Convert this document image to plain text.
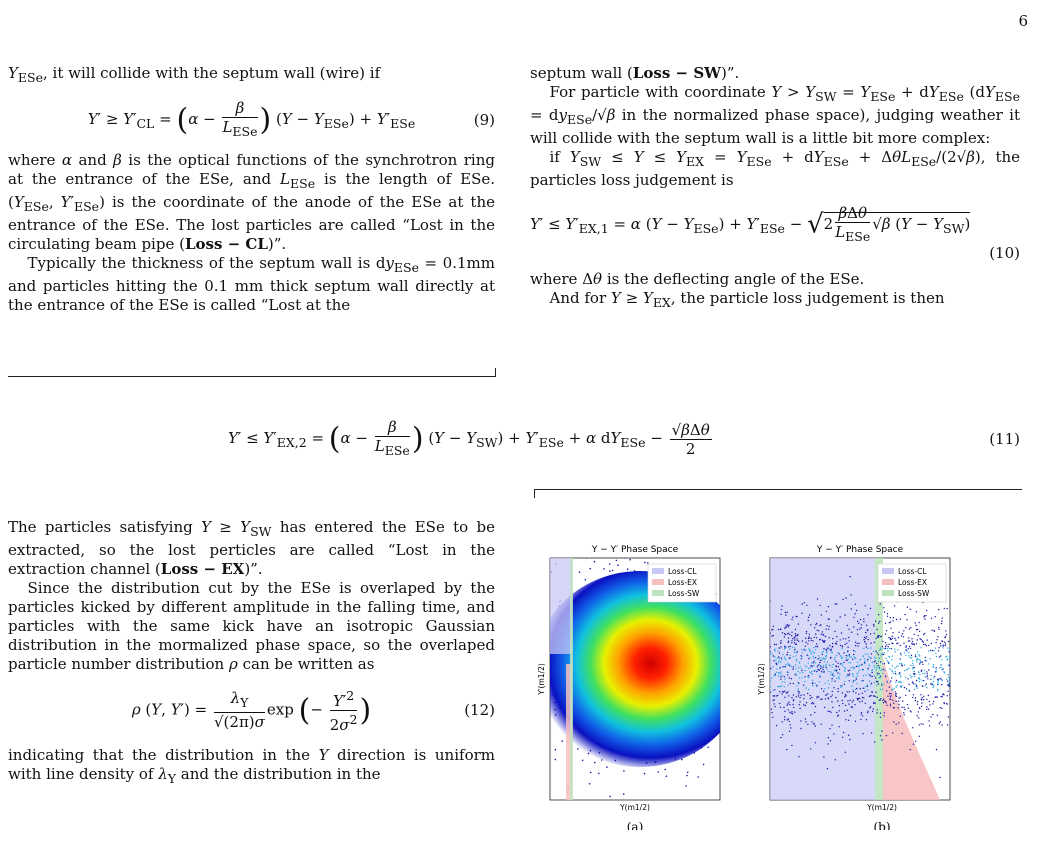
6

$Y_{ESe}$, it will collide with the septum wall (wire) if

$Y' \ge Y'_{CL} = (\alpha - \frac{\beta}{L_{ESe}}$ ) $(Y - Y_{ESe}) + Y'_{ESe}$	(9)

where α and β is the optical functions of the synchrotron ring at the entrance of the ESe, and $L_{ESe}$ is the length of ESe. ($Y_{ESe}$, $Y'_{ESe}$) is the coordinate of the anode of the ESe at the entrance of the ESe. The lost particles are called “Lost in the circulating beam pipe (Loss − CL)”.

Typically the thickness of the septum wall is $dy_{ESe} = 0.1mm$ and particles hitting the 0.1 mm thick septum wall directly at the entrance of the ESe is called “Lost at the

septum wall (Loss − SW)”.

For particle with coordinate $Y > Y_{SW} = Y_{ESe} + dY_{ESe}$ ($dY_{ESe} = dy_{ESe}/√\beta$ in the normalized phase space), judging weather it will collide with the septum wall is a little bit more complex:

if $Y_{SW} \le Y \le Y_{EX} = Y_{ESe} + dY_{ESe} + \Delta\theta L_{ESe}/(2√\beta)$, the particles loss judgement is

$Y' \le Y'_{EX,1} = \alpha$ $(Y - Y_{ESe}) + Y'_{ESe} - √2 \frac{\text{βΔθ}}{L_{ESe}} √\beta$ $(Y - Y_{SW})$
(10)

where Δθ is the deflecting angle of the ESe.

And for $Y \ge Y_{EX}$, the particle loss judgement is then

$Y' \le Y'_{EX,2} = (\alpha - \frac{\beta}{L_{ESe}}$ ) $(Y - Y_{SW}) + Y'_{ESe} + \alpha$ $dY_{ESe} - \frac{\text{√βΔθ}}{2}$	(11)

The particles satisfying $Y \ge Y_{SW}$ has entered the ESe to be extracted, so the lost perticles are called “Lost in the extraction channel (Loss − EX)”.

Since the distribution cut by the ESe is overlaped by the particles kicked by different amplitude in the falling time, and particles with the same kick have an isotropic Gaussian distribution in the mormalized phase space, so the overlaped particle number distribution ρ can be written as

ρ (Y, $Y') = \frac{\lambda_Y}{√(2\pi)\sigma}$ exp (− $\frac{Y'^2}{2\sigma^2}$ )	(12)

indicating that the distribution in the Y direction is uniform with line density of $\lambda_Y$ and the distribution in the

Y − Y′ Phase Space
Loss-CL
Loss-EX
Loss-SW
Y(m1/2)
Y′(m1/2)
(a)
Y − Y′ Phase Space
Loss-CL
Loss-EX
Loss-SW
Y(m1/2)
Y′(m1/2)
(b)
